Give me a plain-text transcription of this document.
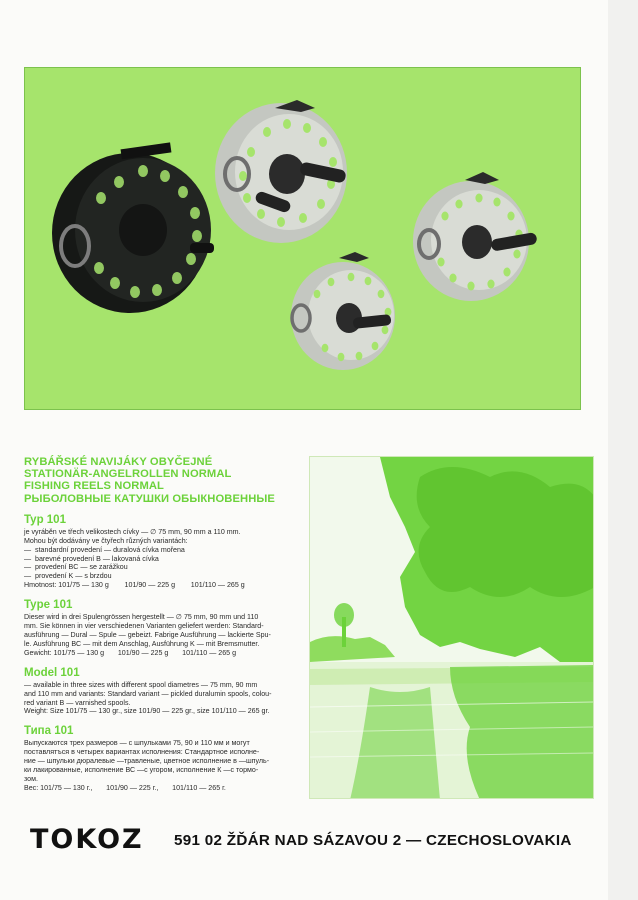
RYBÁŘSKÉ NAVIJÁKY OBYČEJNÉ
STATIONÄR-ANGELROLLEN NORMAL
FISHING REELS NORMAL
РЫБОЛОВНЫЕ КАТУШКИ ОБЫКНОВЕННЫЕ
Typ 101
je vyráběn ve třech velikostech cívky — ∅ 75 mm, 90 mm a 110 mm.
Mohou být dodávány ve čtyřech různých variantách:
—  standardní provedení — duralová cívka mořena
—  barevné provedení B — lakovaná cívka
—  provedení BC — se zarážkou
—  provedení K — s brzdou
Hmotnost: 101/75 — 130 g        101/90 — 225 g        101/110 — 265 g
Type 101
Dieser wird in drei Spulengrössen hergestellt — ∅ 75 mm, 90 mm und 110
mm. Sie können in vier verschiedenen Varianten geliefert werden: Standard-
ausführung — Dural — Spule — gebeizt. Fabrige Ausführung — lackierte Spu-
le. Ausführung BC — mit dem Anschlag, Ausführung K — mit Bremsmutter.
Gewicht: 101/75 — 130 g       101/90 — 225 g       101/110 — 265 g
Model 101
— available in three sizes with different spool diametres — 75 mm, 90 mm
and 110 mm and variants: Standard variant — pickled duralumin spools, colou-
red variant B — varnished spools.
Weight: Size 101/75 — 130 gr., size 101/90 — 225 gr., size 101/110 — 265 gr.
Типа 101
Выпускаются трех размеров — с шпульками 75, 90 и 110 мм и могут
поставлятъся в четырех вариантах исполнения: Стандартное исполне-
ние — шпульки дюралевые —травленые, цветное исполнение в —шпуль-
ки лакированные, исполнение ВС —с угором, исполнение К —с тормо-
зом.
Вес: 101/75 — 130 г.,       101/90 — 225 г.,       101/110 — 265 г.
TOKOZ 591 02 ŽĎÁR NAD SÁZAVOU 2 — CZECHOSLOVAKIA
